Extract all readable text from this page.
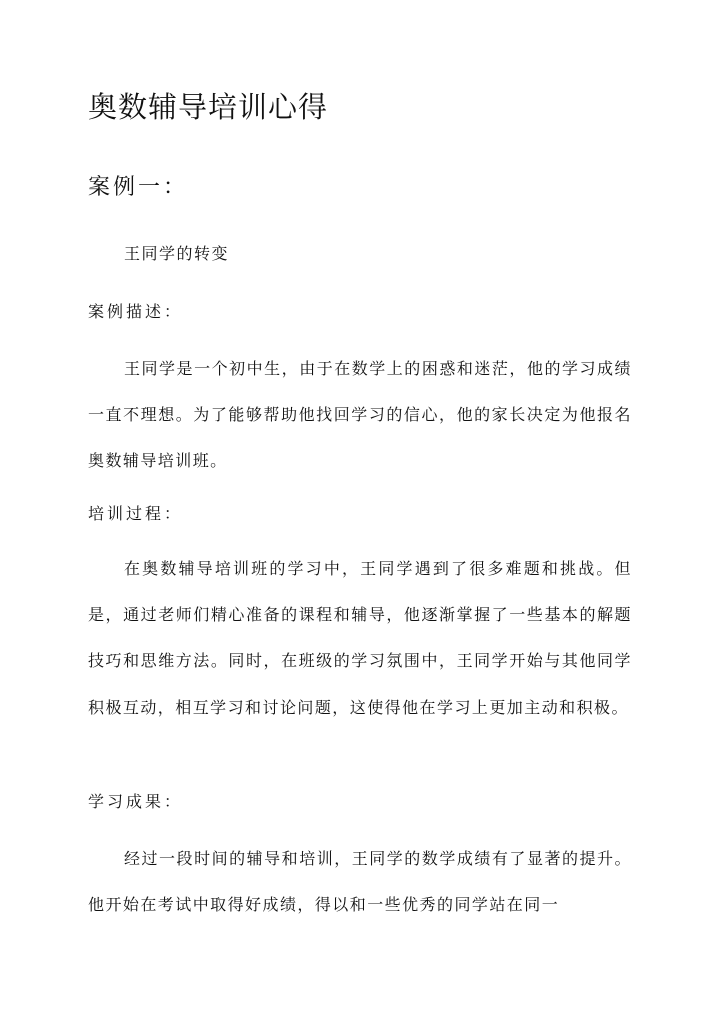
奥数辅导培训心得
案例一：

王同学的转变

案例描述：

王同学是一个初中生，由于在数学上的困惑和迷茫，他的学习成绩一直不理想。为了能够帮助他找回学习的信心，他的家长决定为他报名奥数辅导培训班。

培训过程：

在奥数辅导培训班的学习中，王同学遇到了很多难题和挑战。但是，通过老师们精心准备的课程和辅导，他逐渐掌握了一些基本的解题技巧和思维方法。同时，在班级的学习氛围中，王同学开始与其他同学积极互动，相互学习和讨论问题，这使得他在学习上更加主动和积极。

学习成果：

经过一段时间的辅导和培训，王同学的数学成绩有了显著的提升。他开始在考试中取得好成绩，得以和一些优秀的同学站在同一
